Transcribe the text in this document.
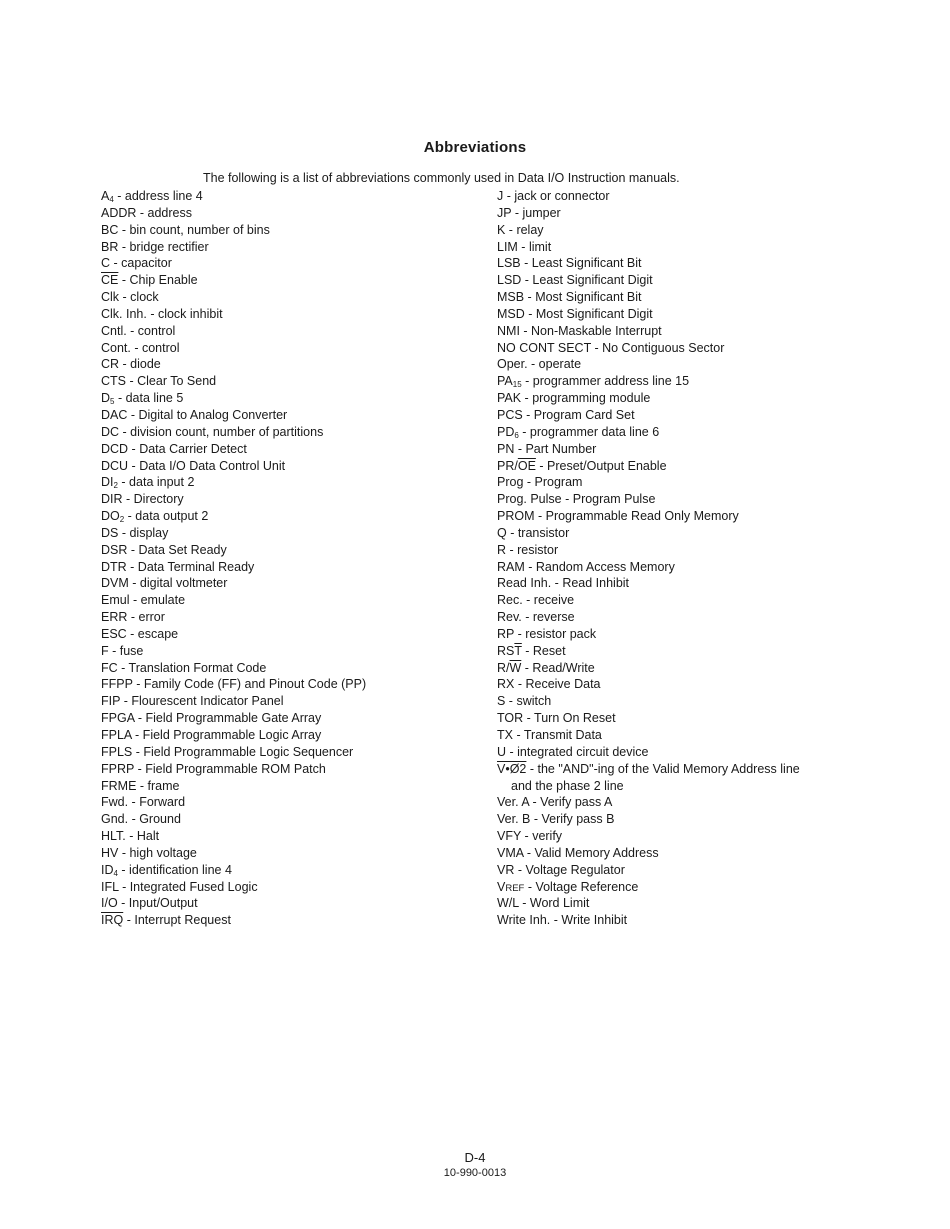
Abbreviations
The following is a list of abbreviations commonly used in Data I/O Instruction manuals.
$A_4$ - address line 4
ADDR - address
BC - bin count, number of bins
BR - bridge rectifier
C - capacitor
$\overline{CE}$ - Chip Enable
Clk - clock
Clk. Inh. - clock inhibit
Cntl. - control
Cont. - control
CR - diode
CTS - Clear To Send
$D_5$ - data line 5
DAC - Digital to Analog Converter
DC - division count, number of partitions
DCD - Data Carrier Detect
DCU - Data I/O Data Control Unit
$DI_2$ - data input 2
DIR - Directory
$DO_2$ - data output 2
DS - display
DSR - Data Set Ready
DTR - Data Terminal Ready
DVM - digital voltmeter
Emul - emulate
ERR - error
ESC - escape
F - fuse
FC - Translation Format Code
FFPP - Family Code (FF) and Pinout Code (PP)
FIP - Flourescent Indicator Panel
FPGA - Field Programmable Gate Array
FPLA - Field Programmable Logic Array
FPLS - Field Programmable Logic Sequencer
FPRP - Field Programmable ROM Patch
FRME - frame
Fwd. - Forward
Gnd. - Ground
HLT. - Halt
HV - high voltage
$ID_4$ - identification line 4
IFL - Integrated Fused Logic
I/O - Input/Output
$\overline{IRQ}$ - Interrupt Request
J - jack or connector
JP - jumper
K - relay
LIM - limit
LSB - Least Significant Bit
LSD - Least Significant Digit
MSB - Most Significant Bit
MSD - Most Significant Digit
NMI - Non-Maskable Interrupt
NO CONT SECT - No Contiguous Sector
Oper. - operate
$PA_{15}$ - programmer address line 15
PAK - programming module
PCS - Program Card Set
$PD_6$ - programmer data line 6
PN - Part Number
$PR/\overline{OE}$ - Preset/Output Enable
Prog - Program
Prog. Pulse - Program Pulse
PROM - Programmable Read Only Memory
Q - transistor
R - resistor
RAM - Random Access Memory
Read Inh. - Read Inhibit
Rec. - receive
Rev. - reverse
RP - resistor pack
$RS\overline{T}$ - Reset
$R/\overline{W}$ - Read/Write
RX - Receive Data
S - switch
TOR - Turn On Reset
TX - Transmit Data
U - integrated circuit device
V•Ø2 - the "AND"-ing of the Valid Memory Address line
and the phase 2 line
Ver. A - Verify pass A
Ver. B - Verify pass B
VFY - verify
VMA - Valid Memory Address
VR - Voltage Regulator
VREF - Voltage Reference
W/L - Word Limit
Write Inh. - Write Inhibit
D-4
10-990-0013
